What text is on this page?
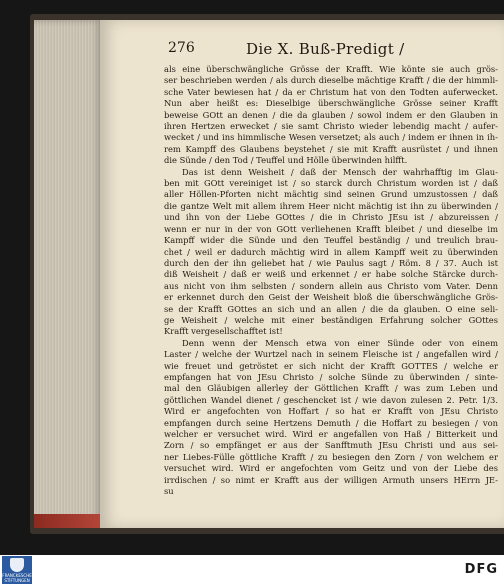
276	Die X. Buß-Predigt /
als eine überschwängliche Grösse der Krafft. Wie könte sie auch grös-
ser beschrieben werden / als durch dieselbe mächtige Krafft / die der himmli-
sche Vater bewiesen hat / da er Christum hat von den Todten auferwecket.
Nun aber heißt es: Dieselbige überschwängliche Grösse seiner Krafft
beweise GOtt an denen / die da glauben / sowol indem er den Glauben in
ihren Hertzen erwecket / sie samt Christo wieder lebendig macht / aufer-
wecket / und ins himmlische Wesen versetzet; als auch / indem er ihnen in ih-
rem Kampff des Glaubens beystehet / sie mit Krafft ausrüstet / und ihnen
die Sünde / den Tod / Teuffel und Hölle überwinden hilfft.
Das ist denn Weisheit / daß der Mensch der wahrhafftig im Glau-
ben mit GOtt vereiniget ist / so starck durch Christum worden ist / daß
aller Höllen-Pforten nicht mächtig sind seinen Grund umzustossen / daß
die gantze Welt mit allem ihrem Heer nicht mächtig ist ihn zu überwinden /
und ihn von der Liebe GOttes / die in Christo JEsu ist / abzureissen /
wenn er nur in der von GOtt verliehenen Krafft bleibet / und dieselbe im
Kampff wider die Sünde und den Teuffel beständig / und treulich brau-
chet / weil er dadurch mächtig wird in allem Kampff weit zu überwinden
durch den der ihn geliebet hat / wie Paulus sagt / Röm. 8 / 37. Auch ist
diß Weisheit / daß er weiß und erkennet / er habe solche Stärcke durch-
aus nicht von ihm selbsten / sondern allein aus Christo vom Vater. Denn
er erkennet durch den Geist der Weisheit bloß die überschwängliche Grös-
se der Krafft GOttes an sich und an allen / die da glauben. O eine seli-
ge Weisheit / welche mit einer beständigen Erfahrung solcher GOttes
Krafft vergesellschafftet ist!
Denn wenn der Mensch etwa von einer Sünde oder von einem
Laster / welche der Wurtzel nach in seinem Fleische ist / angefallen wird /
wie freuet und getröstet er sich nicht der Krafft GOTTES / welche er
empfangen hat von JEsu Christo / solche Sünde zu überwinden / sinte-
mal den Gläubigen allerley der Göttlichen Krafft / was zum Leben und
göttlichen Wandel dienet / geschencket ist / wie davon zulesen 2. Petr. 1/3.
Wird er angefochten von Hoffart / so hat er Krafft von JEsu Christo
empfangen durch seine Hertzens Demuth / die Hoffart zu besiegen / von
welcher er versuchet wird. Wird er angefallen von Haß / Bitterkeit und
Zorn / so empfänget er aus der Sanfftmuth JEsu Christi und aus sei-
ner Liebes-Fülle göttliche Krafft / zu besiegen den Zorn / von welchem er
versuchet wird. Wird er angefochten vom Geitz und von der Liebe des
irrdischen / so nimt er Krafft aus der willigen Armuth unsers HErrn JE-
su
FRANCKESCHE STIFTUNGEN
DFG
